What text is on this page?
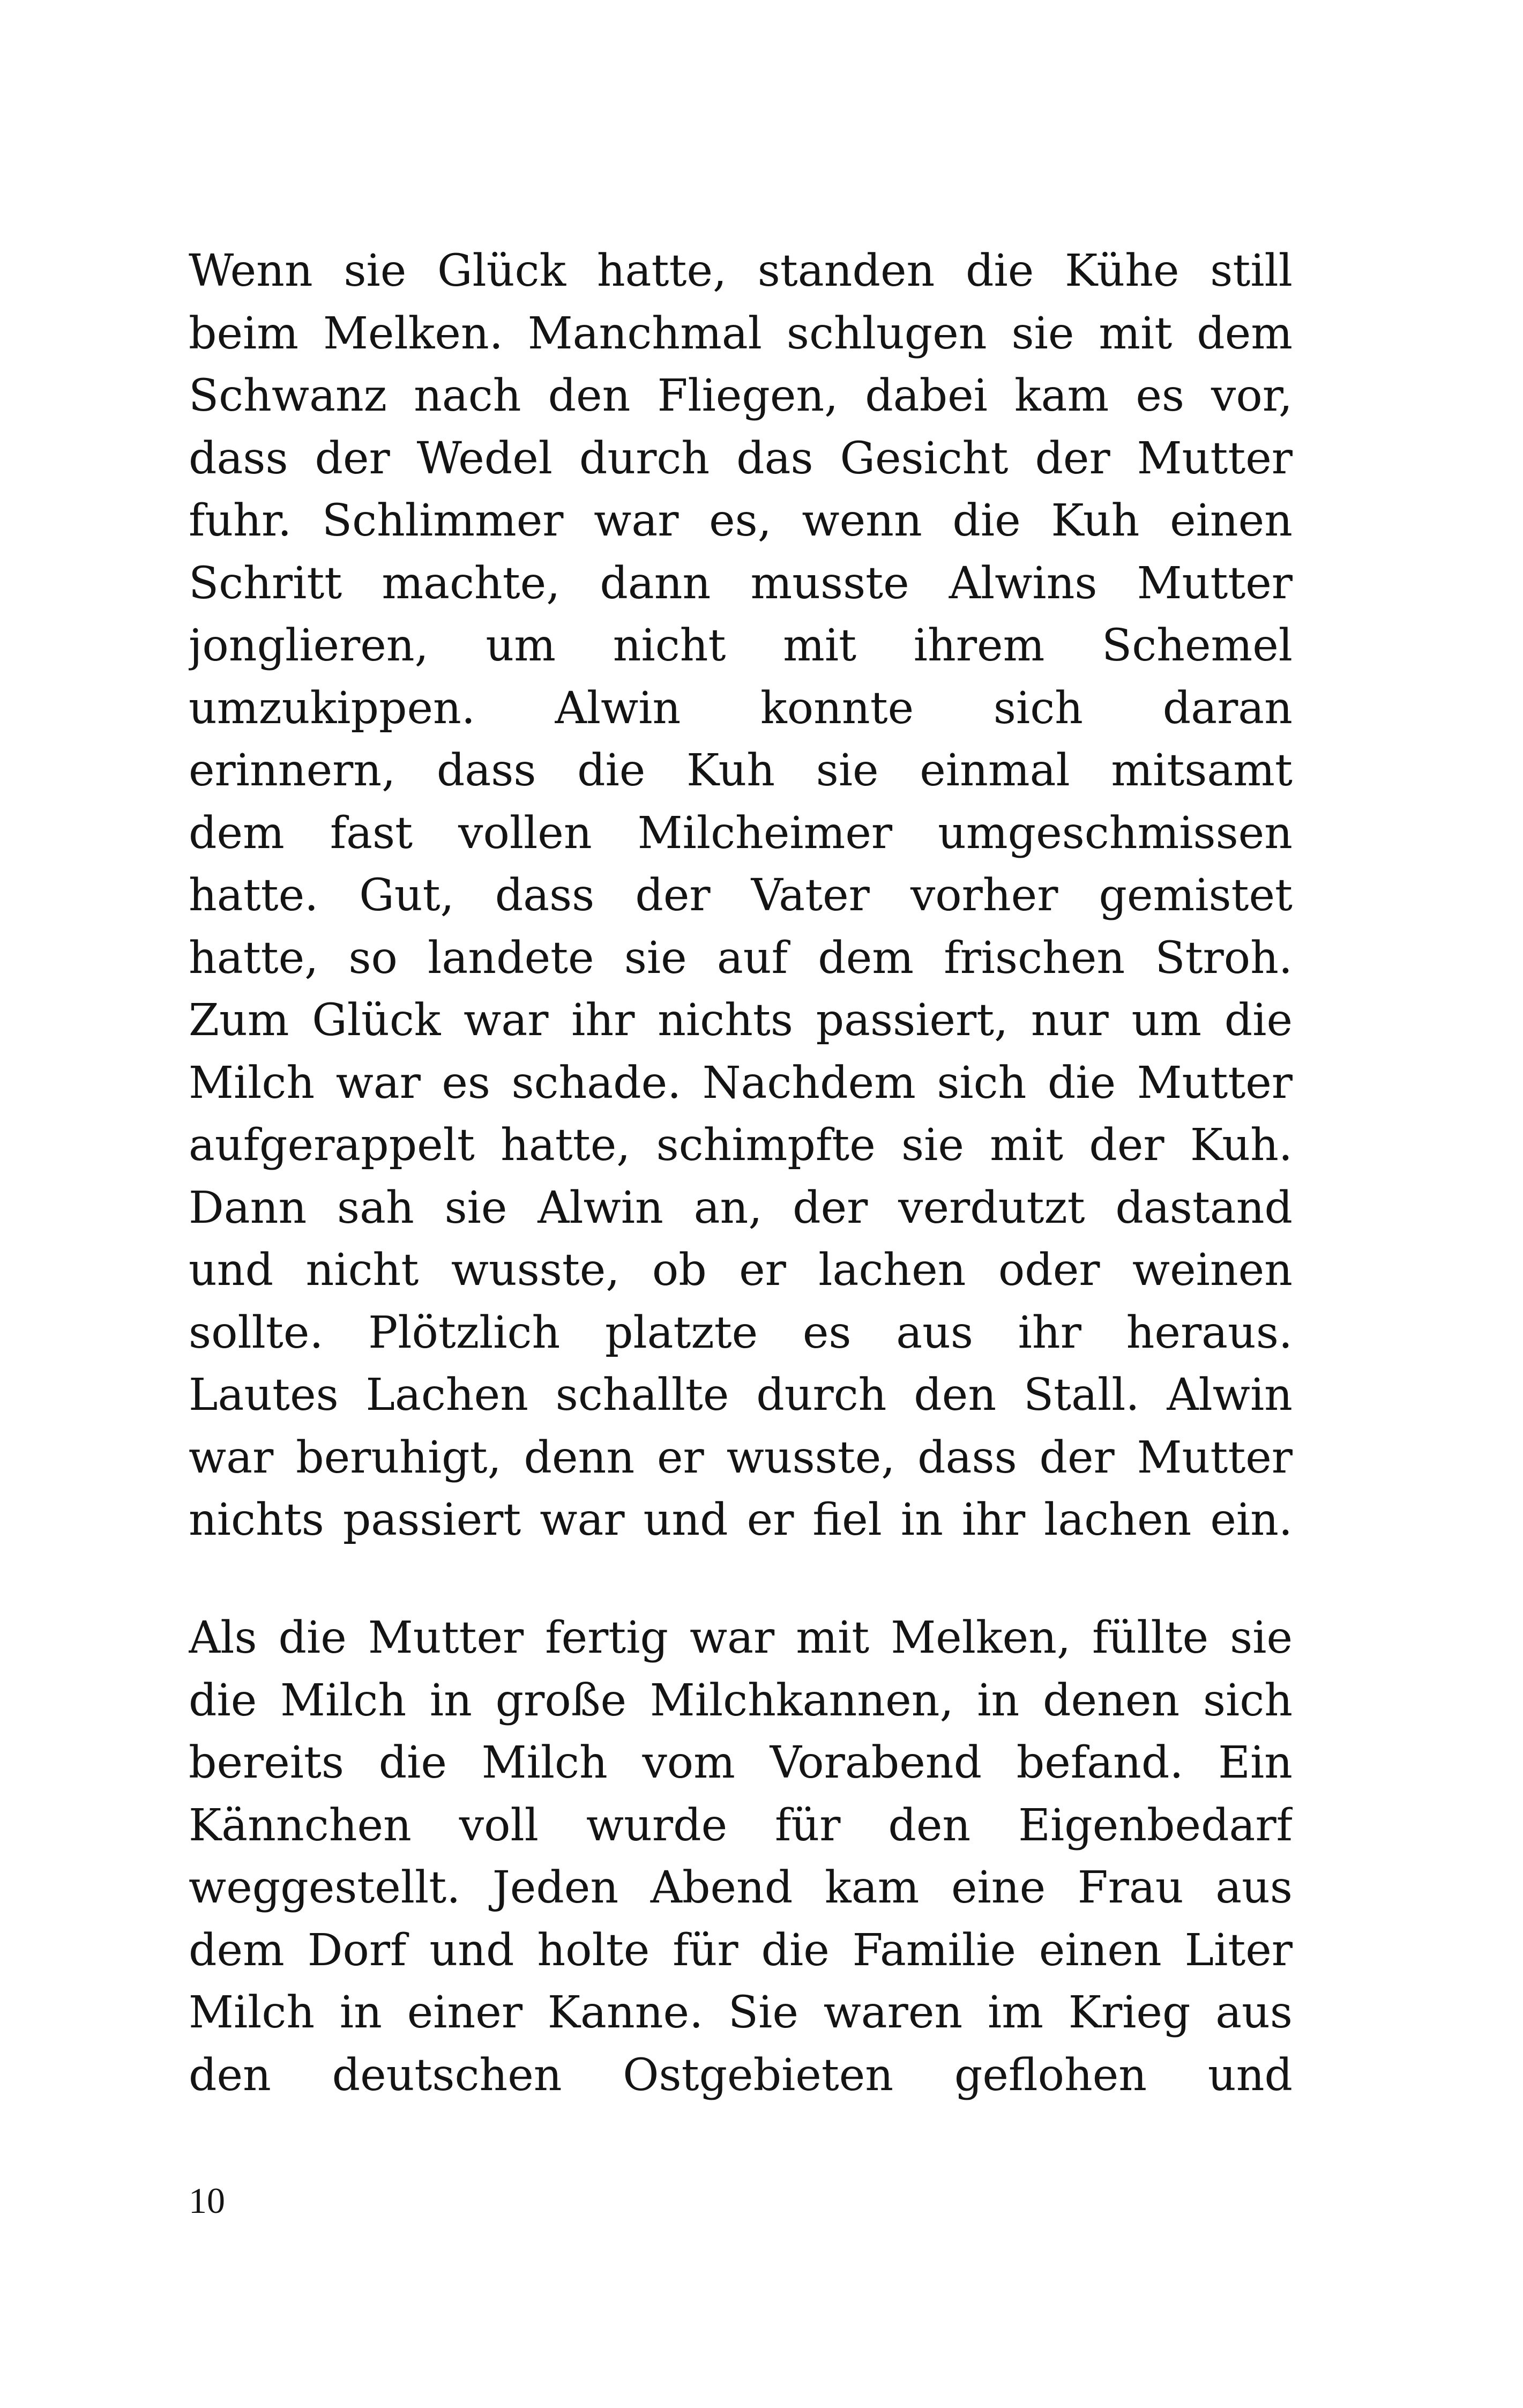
Wenn sie Glück hatte, standen die Kühe still
beim Melken. Manchmal schlugen sie mit dem
Schwanz nach den Fliegen, dabei kam es vor,
dass der Wedel durch das Gesicht der Mutter
fuhr. Schlimmer war es, wenn die Kuh einen
Schritt machte, dann musste Alwins Mutter
jonglieren, um nicht mit ihrem Schemel
umzukippen. Alwin konnte sich daran
erinnern, dass die Kuh sie einmal mitsamt
dem fast vollen Milcheimer umgeschmissen
hatte. Gut, dass der Vater vorher gemistet
hatte, so landete sie auf dem frischen Stroh.
Zum Glück war ihr nichts passiert, nur um die
Milch war es schade. Nachdem sich die Mutter
aufgerappelt hatte, schimpfte sie mit der Kuh.
Dann sah sie Alwin an, der verdutzt dastand
und nicht wusste, ob er lachen oder weinen
sollte. Plötzlich platzte es aus ihr heraus.
Lautes Lachen schallte durch den Stall. Alwin
war beruhigt, denn er wusste, dass der Mutter
nichts passiert war und er fiel in ihr lachen ein.
Als die Mutter fertig war mit Melken, füllte sie
die Milch in große Milchkannen, in denen sich
bereits die Milch vom Vorabend befand. Ein
Kännchen voll wurde für den Eigenbedarf
weggestellt. Jeden Abend kam eine Frau aus
dem Dorf und holte für die Familie einen Liter
Milch in einer Kanne. Sie waren im Krieg aus
den deutschen Ostgebieten geflohen und
10
